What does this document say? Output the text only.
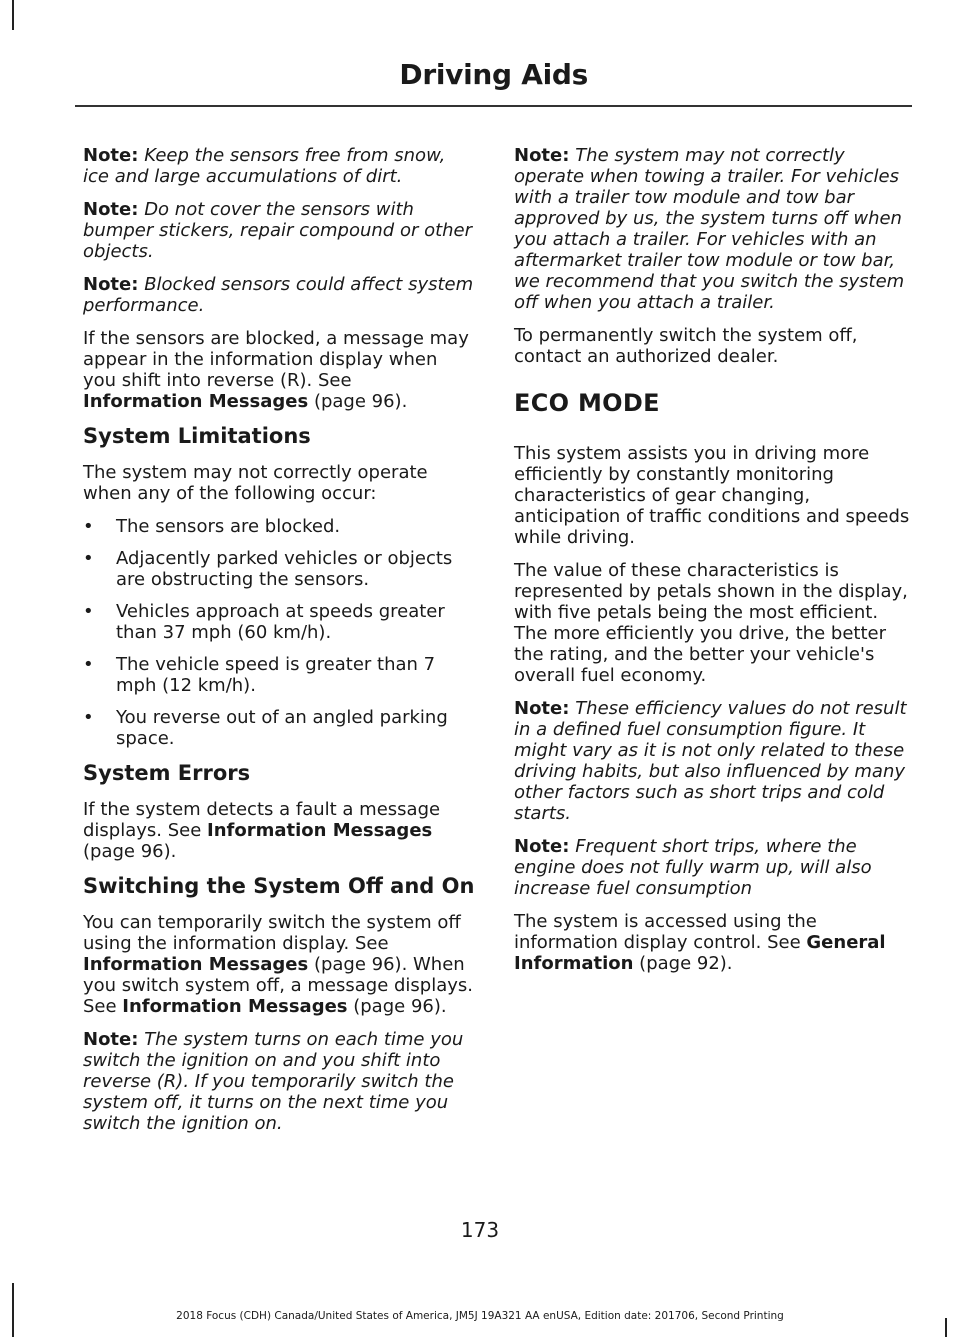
Driving Aids

Note: Keep the sensors free from snow, ice and large accumulations of dirt.

Note: Do not cover the sensors with bumper stickers, repair compound or other objects.

Note: Blocked sensors could affect system performance.

If the sensors are blocked, a message may appear in the information display when you shift into reverse (R). See Information Messages (page 96).

System Limitations

The system may not correctly operate when any of the following occur:

• The sensors are blocked.
• Adjacently parked vehicles or objects are obstructing the sensors.
• Vehicles approach at speeds greater than 37 mph (60 km/h).
• The vehicle speed is greater than 7 mph (12 km/h).
• You reverse out of an angled parking space.
System Errors

If the system detects a fault a message displays. See Information Messages (page 96).

Switching the System Off and On

You can temporarily switch the system off using the information display. See Information Messages (page 96). When you switch system off, a message displays. See Information Messages (page 96).

Note: The system turns on each time you switch the ignition on and you shift into reverse (R). If you temporarily switch the system off, it turns on the next time you switch the ignition on.

Note: The system may not correctly operate when towing a trailer. For vehicles with a trailer tow module and tow bar approved by us, the system turns off when you attach a trailer. For vehicles with an aftermarket trailer tow module or tow bar, we recommend that you switch the system off when you attach a trailer.

To permanently switch the system off, contact an authorized dealer.

ECO MODE

This system assists you in driving more efficiently by constantly monitoring characteristics of gear changing, anticipation of traffic conditions and speeds while driving.

The value of these characteristics is represented by petals shown in the display, with five petals being the most efficient. The more efficiently you drive, the better the rating, and the better your vehicle's overall fuel economy.

Note: These efficiency values do not result in a defined fuel consumption figure. It might vary as it is not only related to these driving habits, but also influenced by many other factors such as short trips and cold starts.

Note: Frequent short trips, where the engine does not fully warm up, will also increase fuel consumption

The system is accessed using the information display control. See General Information (page 92).

173

2018 Focus (CDH) Canada/United States of America, JM5J 19A321 AA enUSA, Edition date: 201706, Second Printing
